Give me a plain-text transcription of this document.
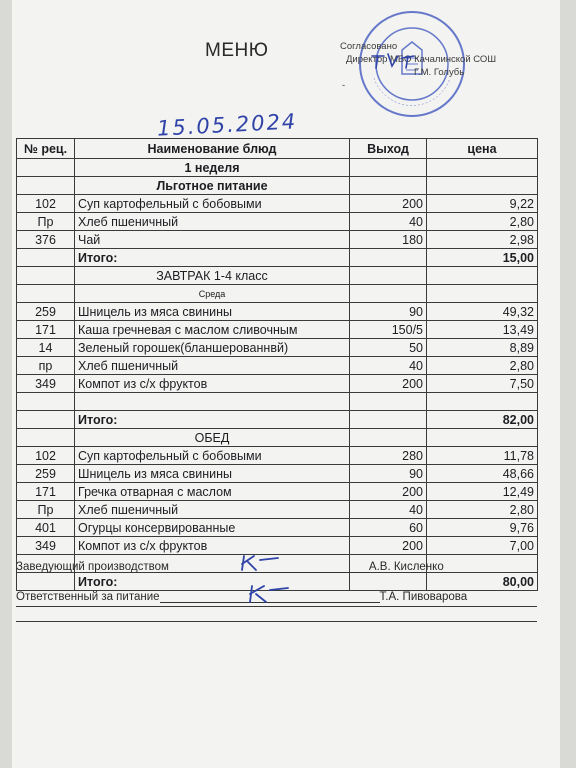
МЕНЮ	Согласовано
Директор МБО Качалинской СОШ
Г.М. Голубь
-
15.05.2024
№ рец.	Наименование блюд	Выход	цена
	1 неделя		
	Льготное питание		
102	Суп картофельный с бобовыми	200	9,22
Пр	Хлеб пшеничный	40	2,80
376	Чай	180	2,98
	Итого:		15,00
	ЗАВТРАК 1-4 класс		
	Среда		
259	Шницель из мяса свинины	90	49,32
171	Каша гречневая с маслом сливочным	150/5	13,49
14	Зеленый горошек(бланшерованнвй)	50	8,89
пр	Хлеб пшеничный	40	2,80
349	Компот из с/х фруктов	200	7,50

	Итого:		82,00
	ОБЕД		
102	Суп картофельный с бобовыми	280	11,78
259	Шницель из мяса свинины	90	48,66
171	Гречка отварная с маслом	200	12,49
Пр	Хлеб пшеничный	40	2,80
401	Огурцы консервированные	60	9,76
349	Компот из с/х фруктов	200	7,00

	Итого:		80,00
Заведующий производством	А.В. Кисленко
Ответственный за питание	Т.А. Пивоварова
